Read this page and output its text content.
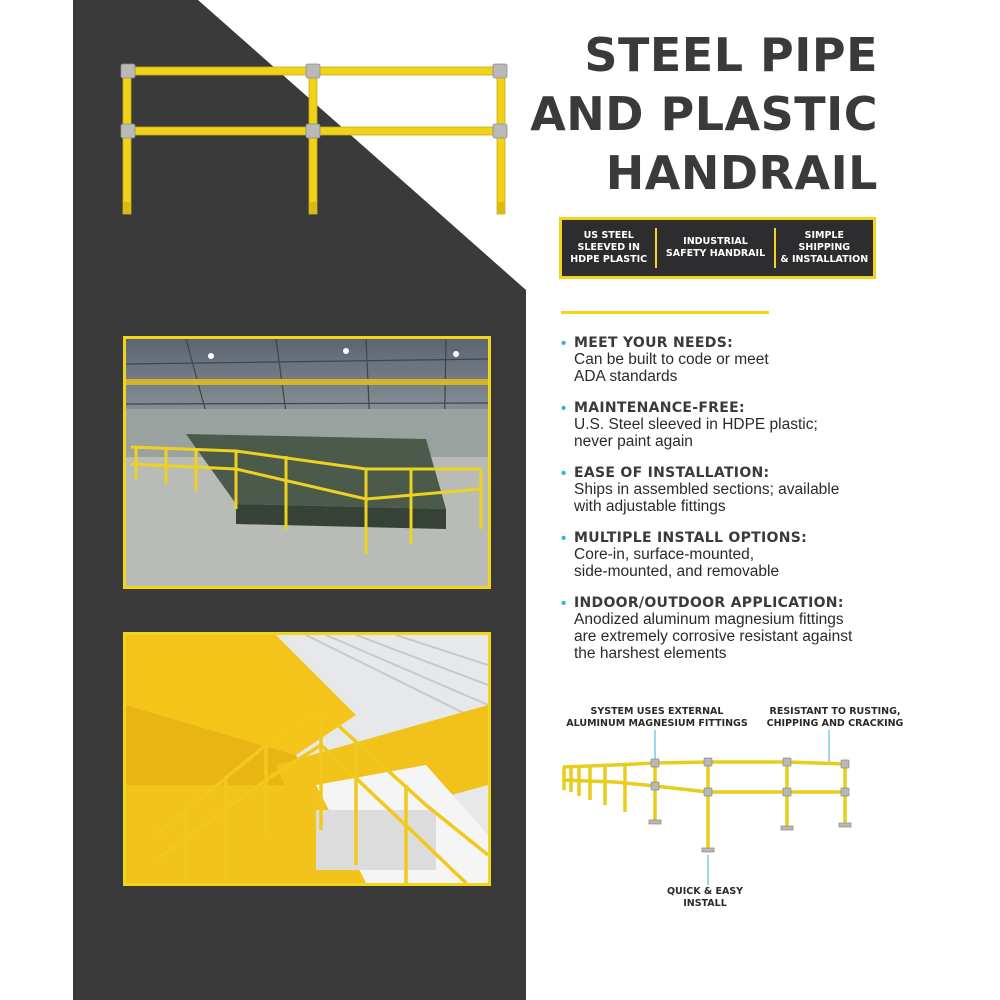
STEEL PIPE
AND PLASTIC
HANDRAIL
US STEEL
SLEEVED IN
HDPE PLASTIC
INDUSTRIAL
SAFETY HANDRAIL
SIMPLE SHIPPING
& INSTALLATION
• MEET YOUR NEEDS:
Can be built to code or meet
ADA standards
• MAINTENANCE-FREE:
U.S. Steel sleeved in HDPE plastic;
never paint again
• EASE OF INSTALLATION:
Ships in assembled sections; available
with adjustable fittings
• MULTIPLE INSTALL OPTIONS:
Core-in, surface-mounted,
side-mounted, and removable
• INDOOR/OUTDOOR APPLICATION:
Anodized aluminum magnesium fittings
are extremely corrosive resistant against
the harshest elements
SYSTEM USES EXTERNAL
ALUMINUM MAGNESIUM FITTINGS
RESISTANT TO RUSTING,
CHIPPING AND CRACKING
QUICK & EASY
INSTALL
